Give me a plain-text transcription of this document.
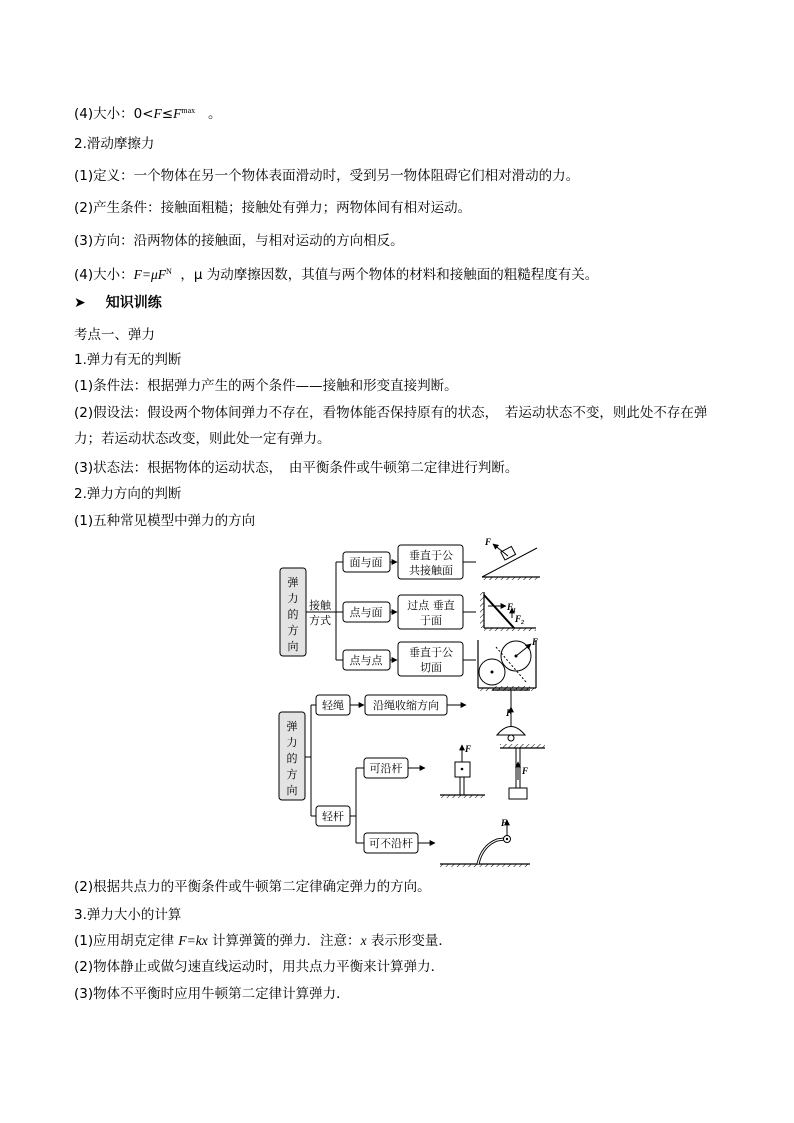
(4)大小：$0<F\le F^{max}$ 。
2.滑动摩擦力
(1)定义：一个物体在另一个物体表面滑动时，受到另一物体阻碍它们相对滑动的力。
(2)产生条件：接触面粗糙；接触处有弹力；两物体间有相对运动。
(3)方向：沿两物体的接触面，与相对运动的方向相反。
(4)大小：$F=\mu F^N$ ，μ 为动摩擦因数，其值与两个物体的材料和接触面的粗糙程度有关。
➤ 知识训练
考点一、弹力
1.弹力有无的判断
(1)条件法：根据弹力产生的两个条件——接触和形变直接判断。
(2)假设法：假设两个物体间弹力不存在，看物体能否保持原有的状态，　若运动状态不变，则此处不存在弹力；若运动状态改变，则此处一定有弹力。
(3)状态法：根据物体的运动状态，　由平衡条件或牛顿第二定律进行判断。
2.弹力方向的判断
(1)五种常见模型中弹力的方向
弹
力
的
方
向
接触
方式
面与面
垂直于公
共接触面
点与面
过点 垂直
于面
点与点
垂直于公
切面
F
$F_1$
$F_2$
F
弹
力
的
方
向
轻绳	沿绳收缩方向
轻杆
可沿杆
可不沿杆
F
F
F
F
(2)根据共点力的平衡条件或牛顿第二定律确定弹力的方向。
3.弹力大小的计算
(1)应用胡克定律 F=kx 计算弹簧的弹力．注意：x 表示形变量．
(2)物体静止或做匀速直线运动时，用共点力平衡来计算弹力．
(3)物体不平衡时应用牛顿第二定律计算弹力．
